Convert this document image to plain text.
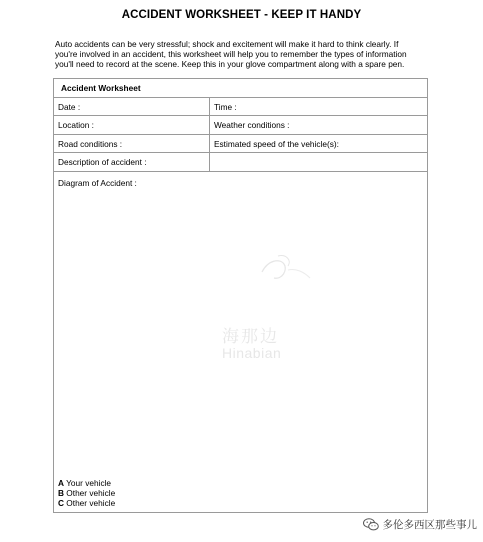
ACCIDENT WORKSHEET - KEEP IT HANDY
Auto accidents can be very stressful; shock and excitement will make it hard to think clearly. If
you're involved in an accident, this worksheet will help you to remember the types of information
you'll need to record at the scene. Keep this in your glove compartment along with a spare pen.
Accident Worksheet
Date :	Time :
Location :	Weather conditions :
Road conditions :	Estimated speed of the vehicle(s):
Description of accident :
Diagram of Accident :
海那边
Hinabian
A Your vehicle
B Other vehicle
C Other vehicle
多伦多西区那些事儿
